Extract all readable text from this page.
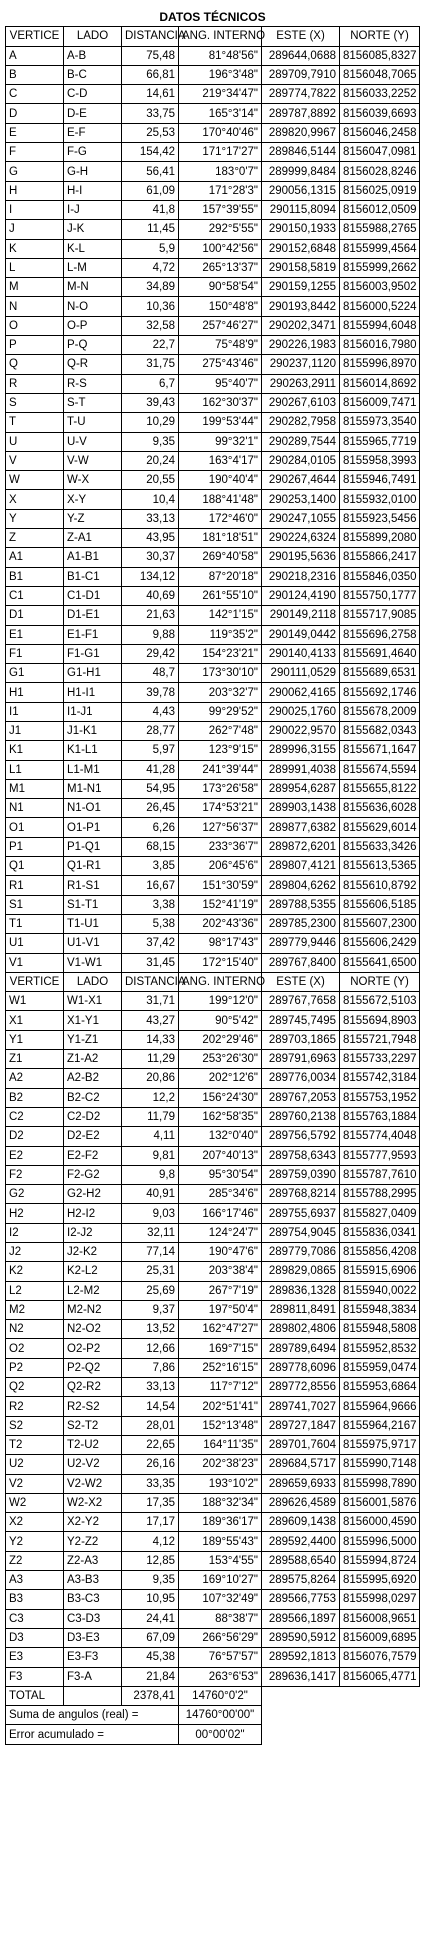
DATOS TÉCNICOS					
VERTICE	LADO	DISTANCIA	ANG. INTERNO	ESTE (X)	NORTE (Y)
A	A-B	75,48	81°48'56"	289644,0688	8156085,8327
B	B-C	66,81	196°3'48"	289709,7910	8156048,7065
C	C-D	14,61	219°34'47"	289774,7822	8156033,2252
D	D-E	33,75	165°3'14"	289787,8892	8156039,6693
E	E-F	25,53	170°40'46"	289820,9967	8156046,2458
F	F-G	154,42	171°17'27"	289846,5144	8156047,0981
G	G-H	56,41	183°0'7"	289999,8484	8156028,8246
H	H-I	61,09	171°28'3"	290056,1315	8156025,0919
I	I-J	41,8	157°39'55"	290115,8094	8156012,0509
J	J-K	11,45	292°5'55"	290150,1933	8155988,2765
K	K-L	5,9	100°42'56"	290152,6848	8155999,4564
L	L-M	4,72	265°13'37"	290158,5819	8155999,2662
M	M-N	34,89	90°58'54"	290159,1255	8156003,9502
N	N-O	10,36	150°48'8"	290193,8442	8156000,5224
O	O-P	32,58	257°46'27"	290202,3471	8155994,6048
P	P-Q	22,7	75°48'9"	290226,1983	8156016,7980
Q	Q-R	31,75	275°43'46"	290237,1120	8155996,8970
R	R-S	6,7	95°40'7"	290263,2911	8156014,8692
S	S-T	39,43	162°30'37"	290267,6103	8156009,7471
T	T-U	10,29	199°53'44"	290282,7958	8155973,3540
U	U-V	9,35	99°32'1"	290289,7544	8155965,7719
V	V-W	20,24	163°4'17"	290284,0105	8155958,3993
W	W-X	20,55	190°40'4"	290267,4644	8155946,7491
X	X-Y	10,4	188°41'48"	290253,1400	8155932,0100
Y	Y-Z	33,13	172°46'0"	290247,1055	8155923,5456
Z	Z-A1	43,95	181°18'51"	290224,6324	8155899,2080
A1	A1-B1	30,37	269°40'58"	290195,5636	8155866,2417
B1	B1-C1	134,12	87°20'18"	290218,2316	8155846,0350
C1	C1-D1	40,69	261°55'10"	290124,4190	8155750,1777
D1	D1-E1	21,63	142°1'15"	290149,2118	8155717,9085
E1	E1-F1	9,88	119°35'2"	290149,0442	8155696,2758
F1	F1-G1	29,42	154°23'21"	290140,4133	8155691,4640
G1	G1-H1	48,7	173°30'10"	290111,0529	8155689,6531
H1	H1-I1	39,78	203°32'7"	290062,4165	8155692,1746
I1	I1-J1	4,43	99°29'52"	290025,1760	8155678,2009
J1	J1-K1	28,77	262°7'48"	290022,9570	8155682,0343
K1	K1-L1	5,97	123°9'15"	289996,3155	8155671,1647
L1	L1-M1	41,28	241°39'44"	289991,4038	8155674,5594
M1	M1-N1	54,95	173°26'58"	289954,6287	8155655,8122
N1	N1-O1	26,45	174°53'21"	289903,1438	8155636,6028
O1	O1-P1	6,26	127°56'37"	289877,6382	8155629,6014
P1	P1-Q1	68,15	233°36'7"	289872,6201	8155633,3426
Q1	Q1-R1	3,85	206°45'6"	289807,4121	8155613,5365
R1	R1-S1	16,67	151°30'59"	289804,6262	8155610,8792
S1	S1-T1	3,38	152°41'19"	289788,5355	8155606,5185
T1	T1-U1	5,38	202°43'36"	289785,2300	8155607,2300
U1	U1-V1	37,42	98°17'43"	289779,9446	8155606,2429
V1	V1-W1	31,45	172°15'40"	289767,8400	8155641,6500
VERTICE	LADO	DISTANCIA	ANG. INTERNO	ESTE (X)	NORTE (Y)
W1	W1-X1	31,71	199°12'0"	289767,7658	8155672,5103
X1	X1-Y1	43,27	90°5'42"	289745,7495	8155694,8903
Y1	Y1-Z1	14,33	202°29'46"	289703,1865	8155721,7948
Z1	Z1-A2	11,29	253°26'30"	289791,6963	8155733,2297
A2	A2-B2	20,86	202°12'6"	289776,0034	8155742,3184
B2	B2-C2	12,2	156°24'30"	289767,2053	8155753,1952
C2	C2-D2	11,79	162°58'35"	289760,2138	8155763,1884
D2	D2-E2	4,11	132°0'40"	289756,5792	8155774,4048
E2	E2-F2	9,81	207°40'13"	289758,6343	8155777,9593
F2	F2-G2	9,8	95°30'54"	289759,0390	8155787,7610
G2	G2-H2	40,91	285°34'6"	289768,8214	8155788,2995
H2	H2-I2	9,03	166°17'46"	289755,6937	8155827,0409
I2	I2-J2	32,11	124°24'7"	289754,9045	8155836,0341
J2	J2-K2	77,14	190°47'6"	289779,7086	8155856,4208
K2	K2-L2	25,31	203°38'4"	289829,0865	8155915,6906
L2	L2-M2	25,69	267°7'19"	289836,1328	8155940,0022
M2	M2-N2	9,37	197°50'4"	289811,8491	8155948,3834
N2	N2-O2	13,52	162°47'27"	289802,4806	8155948,5808
O2	O2-P2	12,66	169°7'15"	289789,6494	8155952,8532
P2	P2-Q2	7,86	252°16'15"	289778,6096	8155959,0474
Q2	Q2-R2	33,13	117°7'12"	289772,8556	8155953,6864
R2	R2-S2	14,54	202°51'41"	289741,7027	8155964,9666
S2	S2-T2	28,01	152°13'48"	289727,1847	8155964,2167
T2	T2-U2	22,65	164°11'35"	289701,7604	8155975,9717
U2	U2-V2	26,16	202°38'23"	289684,5717	8155990,7148
V2	V2-W2	33,35	193°10'2"	289659,6933	8155998,7890
W2	W2-X2	17,35	188°32'34"	289626,4589	8156001,5876
X2	X2-Y2	17,17	189°36'17"	289609,1438	8156000,4590
Y2	Y2-Z2	4,12	189°55'43"	289592,4400	8155996,5000
Z2	Z2-A3	12,85	153°4'55"	289588,6540	8155994,8724
A3	A3-B3	9,35	169°10'27"	289575,8264	8155995,6920
B3	B3-C3	10,95	107°32'49"	289566,7753	8155998,0297
C3	C3-D3	24,41	88°38'7"	289566,1897	8156008,9651
D3	D3-E3	67,09	266°56'29"	289590,5912	8156009,6895
E3	E3-F3	45,38	76°57'57"	289592,1813	8156076,7579
F3	F3-A	21,84	263°6'53"	289636,1417	8156065,4771
TOTAL		2378,41	14760°0'2"		
Suma de angulos (real) =			14760°00'00"		
Error acumulado =			00°00'02"		
